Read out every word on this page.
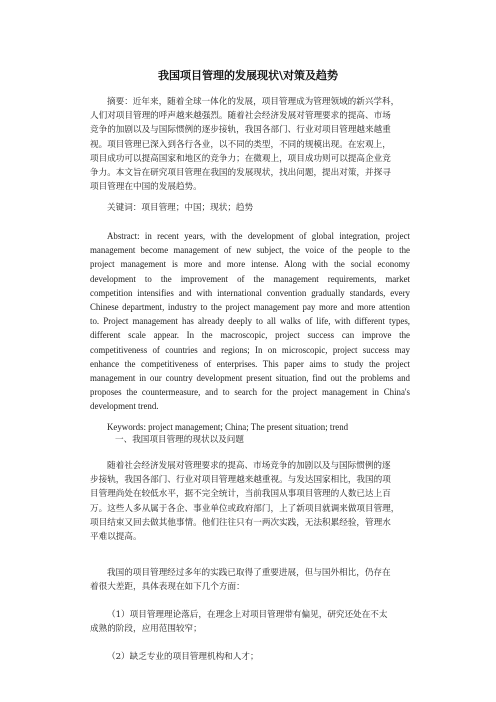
我国项目管理的发展现状\对策及趋势
摘要：近年来，随着全球一体化的发展，项目管理成为管理领域的新兴学科，
人们对项目管理的呼声越来越强烈。随着社会经济发展对管理要求的提高、市场
竞争的加剧以及与国际惯例的逐步接轨，我国各部门、行业对项目管理越来越重
视。项目管理已深入到各行各业，以不同的类型，不同的规模出现。在宏观上，
项目成功可以提高国家和地区的竞争力；在微观上，项目成功则可以提高企业竞
争力。本文旨在研究项目管理在我国的发展现状，找出问题，提出对策，并探寻
项目管理在中国的发展趋势。
关键词：项目管理；中国；现状；趋势
Abstract: in recent years, with the development of global integration, project
management become management of new subject, the voice of the people to the
project management is more and more intense. Along with the social economy
development to the improvement of the management requirements, market
competition intensifies and with international convention gradually standards, every
Chinese department, industry to the project management pay more and more attention
to. Project management has already deeply to all walks of life, with different types,
different scale appear. In the macroscopic, project success can improve the
competitiveness of countries and regions; In on microscopic, project success may
enhance the competitiveness of enterprises. This paper aims to study the project
management in our country development present situation, find out the problems and
proposes the countermeasure, and to search for the project management in China's
development trend.
Keywords: project management; China; The present situation; trend
一、我国项目管理的现状以及问题
随着社会经济发展对管理要求的提高、市场竞争的加剧以及与国际惯例的逐
步接轨，我国各部门、行业对项目管理越来越重视。与发达国家相比，我国的项
目管理尚处在较低水平，据不完全统计，当前我国从事项目管理的人数已达上百
万。这些人多从属于各企、事业单位或政府部门，上了新项目就调来做项目管理，
项目结束又回去做其他事情。他们往往只有一两次实践，无法积累经验，管理水
平难以提高。
我国的项目管理经过多年的实践已取得了重要进展，但与国外相比，仍存在
着很大差距，具体表现在如下几个方面：
（1）项目管理理论落后，在理念上对项目管理带有偏见，研究还处在不太
成熟的阶段，应用范围较窄；
（2）缺乏专业的项目管理机构和人才；
